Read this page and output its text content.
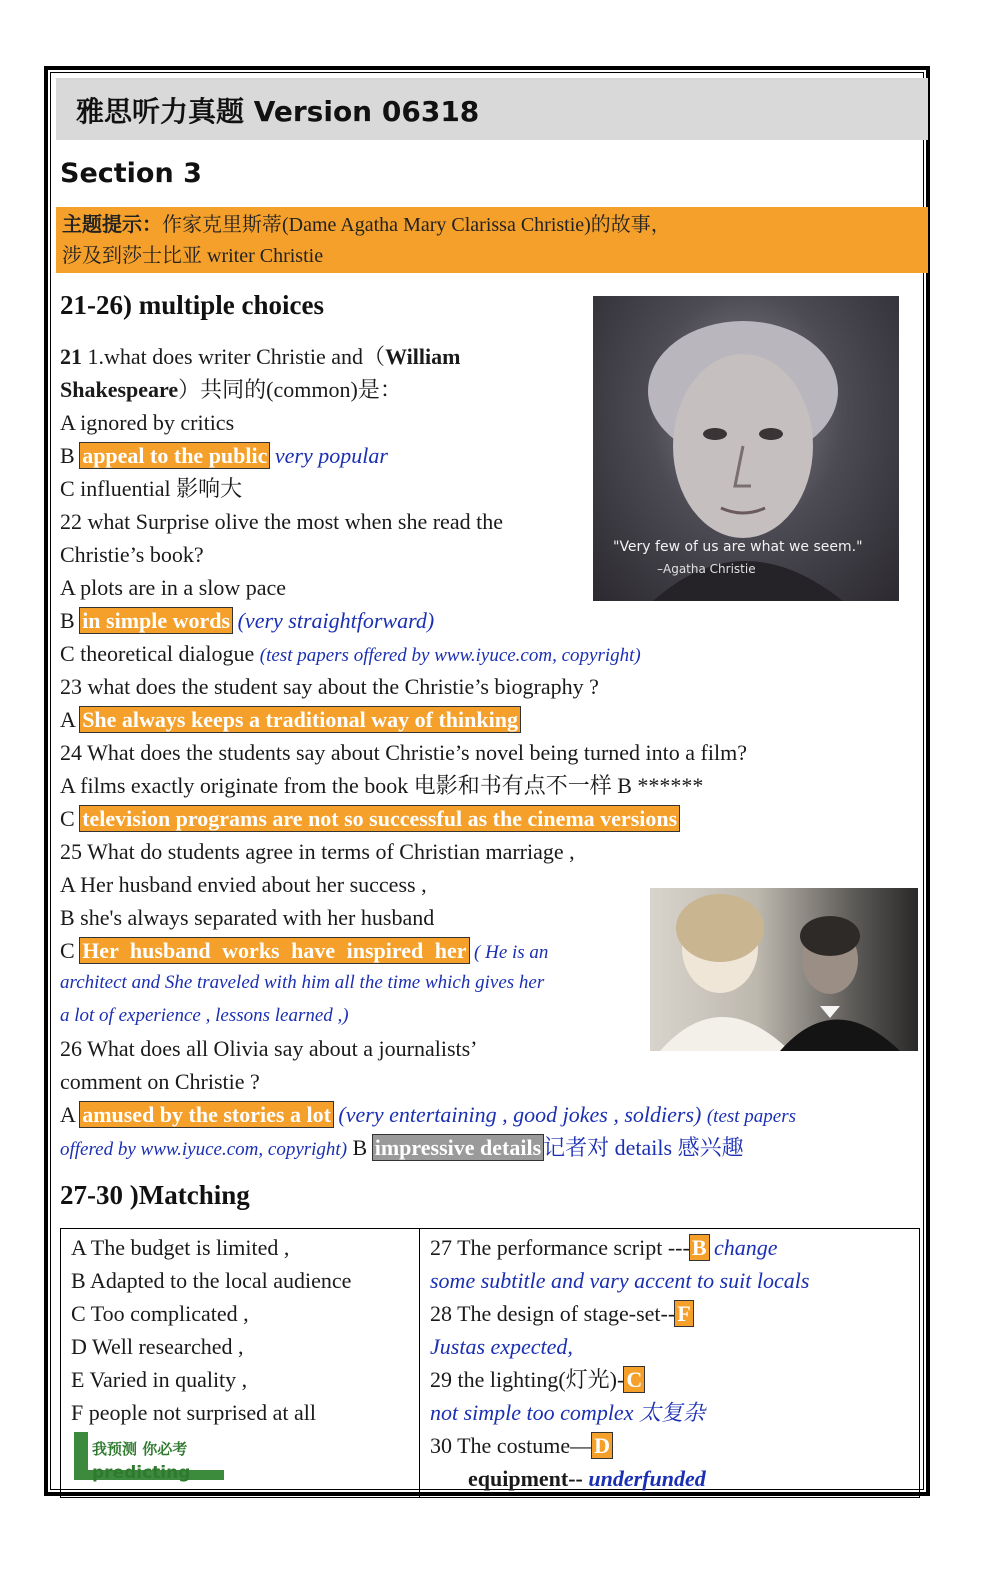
雅思听力真题 Version 06318
Section 3
主题提示：作家克里斯蒂(Dame Agatha Mary Clarissa Christie)的故事，
涉及到莎士比亚 writer Christie
21-26) multiple choices
"Very few of us are what we seem."
–Agatha Christie
21 1.what does writer Christie and（William
Shakespeare）共同的(common)是：
A ignored by critics
B appeal to the public very popular
C influential 影响大
22 what Surprise olive the most when she read the
Christie’s book?
A plots are in a slow pace
B in simple words (very straightforward)
C theoretical dialogue (test papers offered by www.iyuce.com, copyright)
23 what does the student say about the Christie’s biography ?
A She always keeps a traditional way of thinking
24 What does the students say about Christie’s novel being turned into a film?
A films exactly originate from the book 电影和书有点不一样 B ******
C television programs are not so successful as the cinema versions
25 What do students agree in terms of Christian marriage ,
A Her husband envied about her success ,
B she's always separated with her husband
C Her husband works have inspired her ( He is an
architect and She traveled with him all the time which gives her
a lot of experience , lessons learned ,)
26 What does all Olivia say about a journalists’
comment on Christie ?
A amused by the stories a lot (very entertaining , good jokes , soldiers) (test papers
offered by www.iyuce.com, copyright) B impressive details记者对 details 感兴趣
27-30 )Matching
A The budget is limited ,
B Adapted to the local audience
C Too complicated ,
D Well researched ,
E Varied in quality ,
F people not surprised at all

27 The performance script ---B change
some subtitle and vary accent to suit locals
28 The design of stage-set--F
Justas expected,
29 the lighting(灯光)-C
not simple too complex 太复杂
30 The costume—D
equipment-- underfunded
我预测 你必考
predicting
